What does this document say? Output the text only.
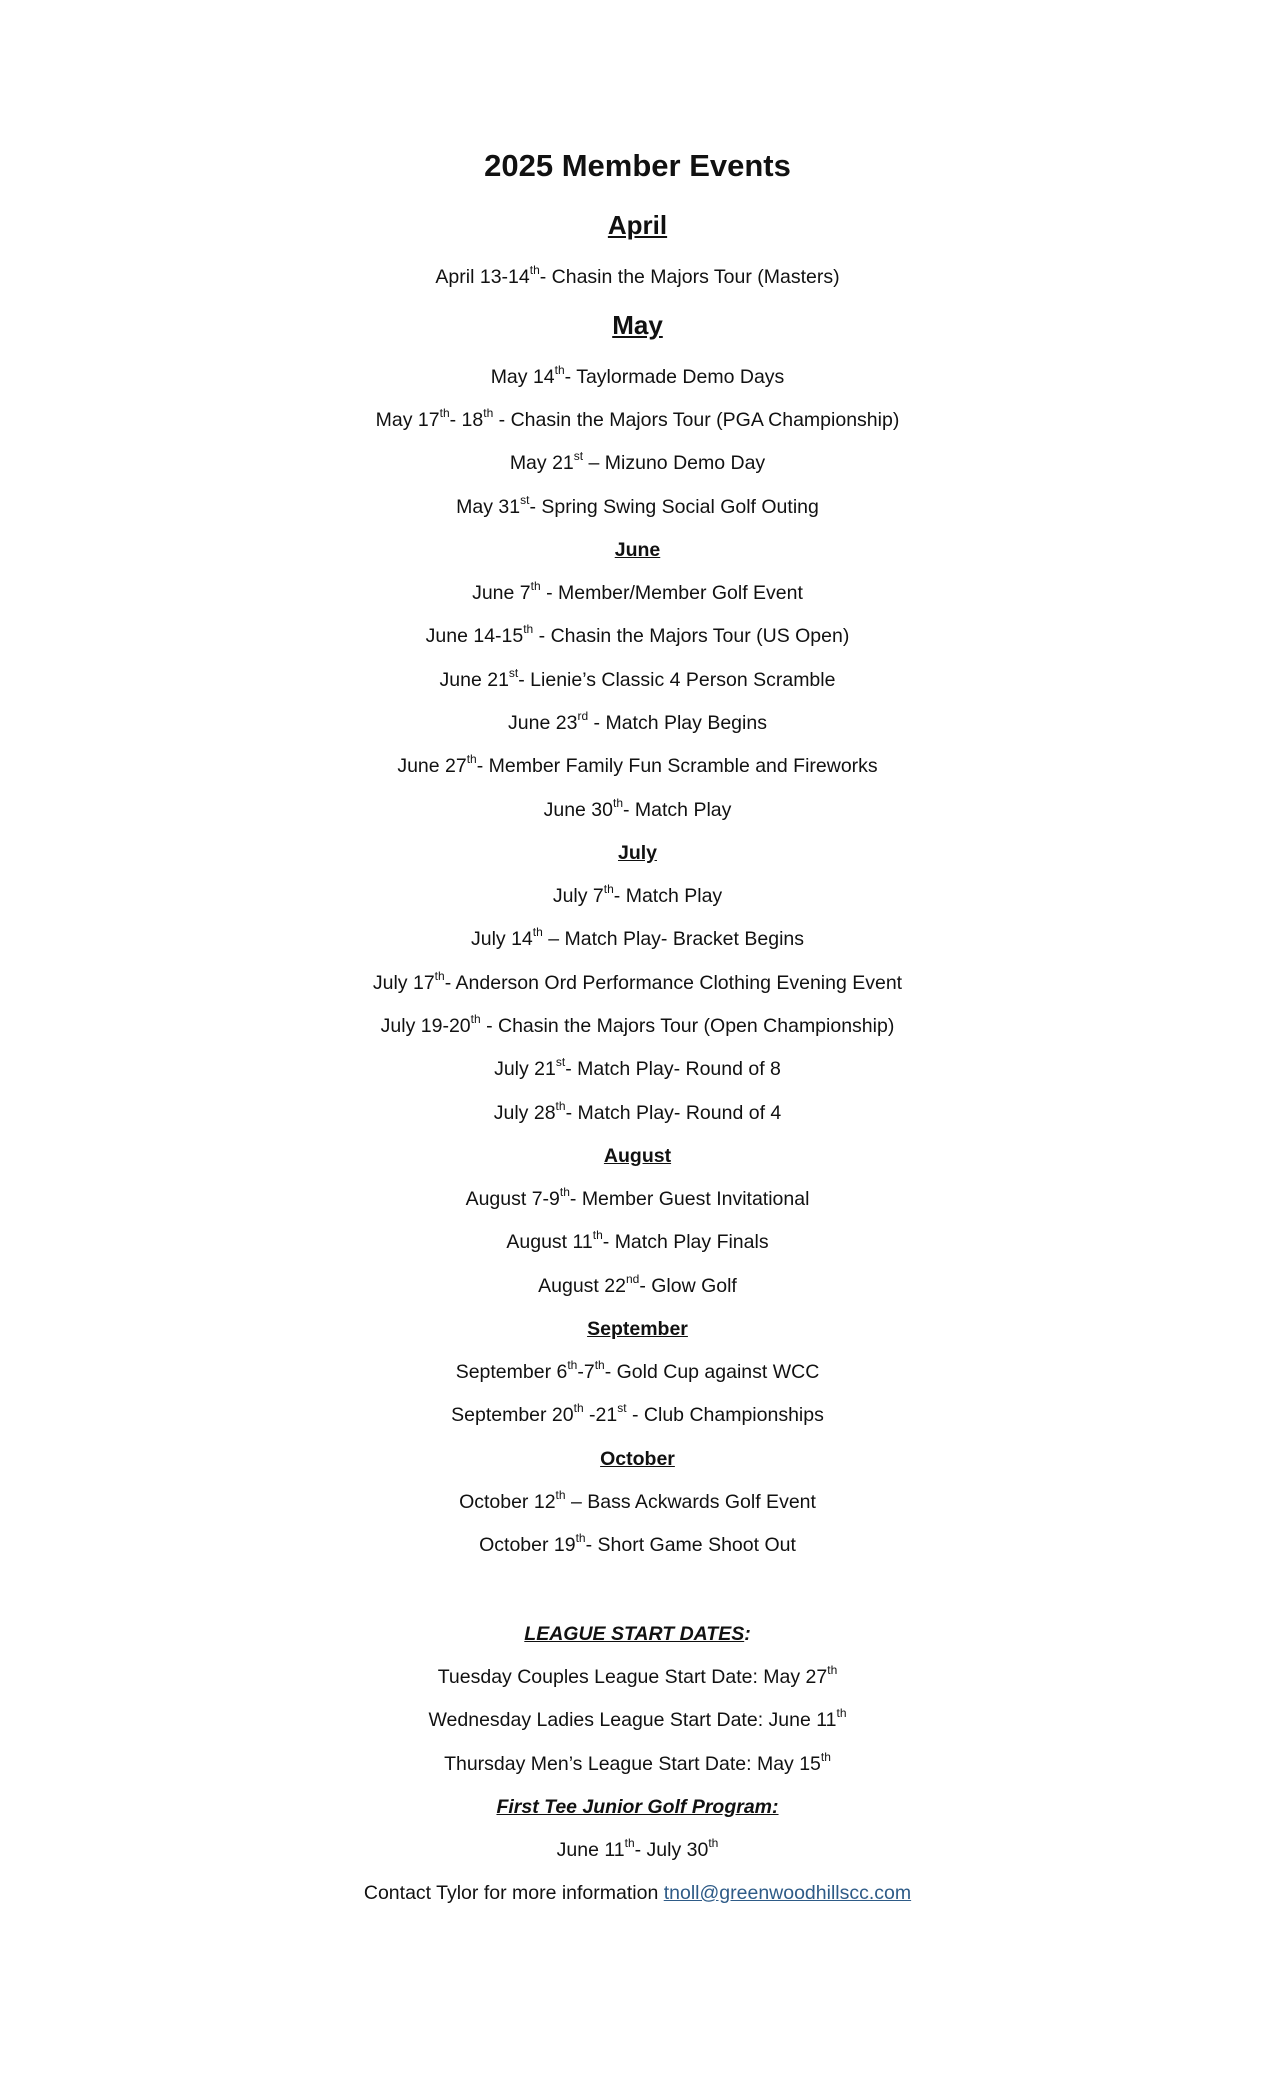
2025 Member Events
April
April 13-14th- Chasin the Majors Tour (Masters)
May
May 14th- Taylormade Demo Days
May 17th- 18th - Chasin the Majors Tour (PGA Championship)
May 21st – Mizuno Demo Day
May 31st- Spring Swing Social Golf Outing
June
June 7th - Member/Member Golf Event
June 14-15th - Chasin the Majors Tour (US Open)
June 21st- Lienie’s Classic 4 Person Scramble
June 23rd - Match Play Begins
June 27th- Member Family Fun Scramble and Fireworks
June 30th- Match Play
July
July 7th- Match Play
July 14th – Match Play- Bracket Begins
July 17th- Anderson Ord Performance Clothing Evening Event
July 19-20th - Chasin the Majors Tour (Open Championship)
July 21st- Match Play- Round of 8
July 28th- Match Play- Round of 4
August
August 7-9th- Member Guest Invitational
August 11th- Match Play Finals
August 22nd- Glow Golf
September
September 6th-7th- Gold Cup against WCC
September 20th -21st - Club Championships
October
October 12th – Bass Ackwards Golf Event
October 19th- Short Game Shoot Out
LEAGUE START DATES:
Tuesday Couples League Start Date: May 27th
Wednesday Ladies League Start Date: June 11th
Thursday Men’s League Start Date: May 15th
First Tee Junior Golf Program:
June 11th- July 30th
Contact Tylor for more information tnoll@greenwoodhillscc.com
